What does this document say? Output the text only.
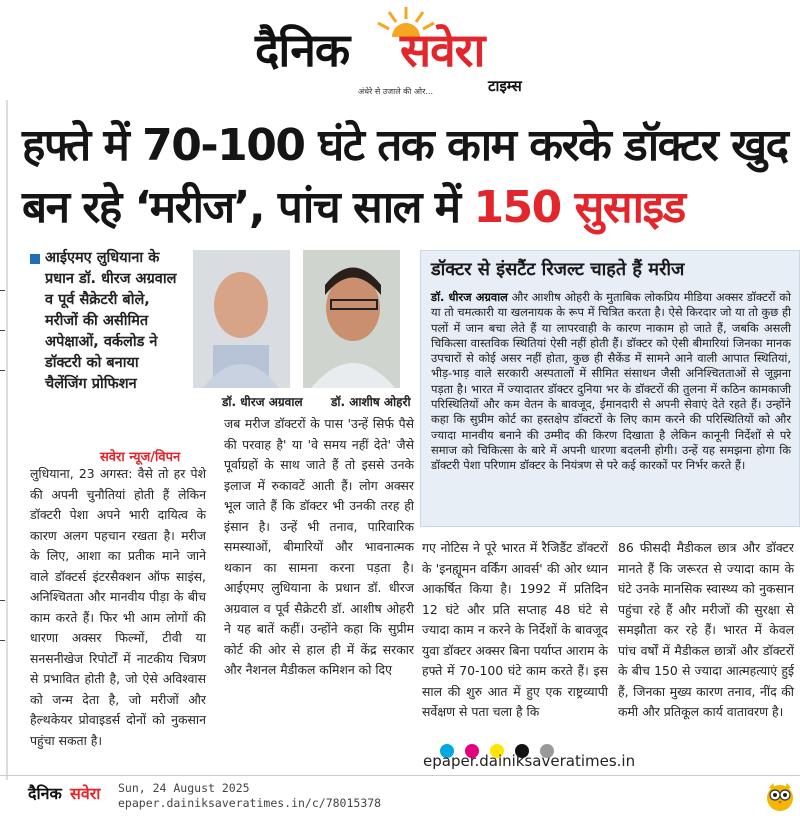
दैनिक सवेरा
अंधेरे से उजाले की ओर...	टाइम्स
हफ्ते में 70-100 घंटे तक काम करके डॉक्टर खुद
बन रहे ‘मरीज’, पांच साल में 150 सुसाइड
आईएमए लुधियाना के प्रधान डॉ. धीरज अग्रवाल व पूर्व सैक्रेटरी बोले, मरीजों की असीमित अपेक्षाओं, वर्कलोड ने डॉक्टरी को बनाया चैलेंजिंग प्रोफिशन
डॉ. धीरज अग्रवाल डॉ. आशीष ओहरी
सवेरा न्यूज/विपन
लुधियाना, 23 अगस्त: वैसे तो हर पेशे की अपनी चुनौतियां होती हैं लेकिन डॉक्टरी पेशा अपने भारी दायित्व के कारण अलग पहचान रखता है। मरीज के लिए, आशा का प्रतीक माने जाने वाले डॉक्टर्स इंटरसैक्शन ऑफ साइंस, अनिश्चितता और मानवीय पीड़ा के बीच काम करते हैं। फिर भी आम लोगों की धारणा अक्सर फिल्मों, टीवी या सनसनीखेज रिपोर्टों में नाटकीय चित्रण से प्रभावित होती है, जो ऐसे अविश्वास को जन्म देता है, जो मरीजों और हैल्थकेयर प्रोवाइडर्स दोनों को नुकसान पहुंचा सकता है।
जब मरीज डॉक्टरों के पास 'उन्हें सिर्फ पैसे की परवाह है' या 'वे समय नहीं देते' जैसे पूर्वाग्रहों के साथ जाते हैं तो इससे उनके इलाज में रुकावटें आती हैं। लोग अक्सर भूल जाते हैं कि डॉक्टर भी उनकी तरह ही इंसान है। उन्हें भी तनाव, पारिवारिक समस्याओं, बीमारियों और भावनात्मक थकान का सामना करना पड़ता है। आईएमए लुधियाना के प्रधान डॉ. धीरज अग्रवाल व पूर्व सैक्रेटरी डॉ. आशीष ओहरी ने यह बातें कहीं। उन्होंने कहा कि सुप्रीम कोर्ट की ओर से हाल ही में केंद्र सरकार और नैशनल मैडीकल कमिशन को दिए
गए नोटिस ने पूरे भारत में रैजिडैंट डॉक्टरों के 'इनह्यूमन वर्किंग आवर्स' की ओर ध्यान आकर्षित किया है। 1992 में प्रतिदिन 12 घंटे और प्रति सप्ताह 48 घंटे से ज्यादा काम न करने के निर्देशों के बावजूद युवा डॉक्टर अक्सर बिना पर्याप्त आराम के हफ्ते में 70-100 घंटे काम करते हैं। इस साल की शुरु आत में हुए एक राष्ट्रव्यापी सर्वेक्षण से पता चला है कि
86 फीसदी मैडीकल छात्र और डॉक्टर मानते हैं कि जरूरत से ज्यादा काम के घंटे उनके मानसिक स्वास्थ्य को नुकसान पहुंचा रहे हैं और मरीजों की सुरक्षा से समझौता कर रहे हैं। भारत में केवल पांच वर्षों में मैडीकल छात्रों और डॉक्टरों के बीच 150 से ज्यादा आत्महत्याएं हुई हैं, जिनका मुख्य कारण तनाव, नींद की कमी और प्रतिकूल कार्य वातावरण है।
डॉक्टर से इंसटैंट रिजल्ट चाहते हैं मरीज
डॉ. धीरज अग्रवाल और आशीष ओहरी के मुताबिक लोकप्रिय मीडिया अक्सर डॉक्टरों को या तो चमत्कारी या खलनायक के रूप में चित्रित करता है। ऐसे किरदार जो या तो कुछ ही पलों में जान बचा लेते हैं या लापरवाही के कारण नाकाम हो जाते हैं, जबकि असली चिकित्सा वास्तविक स्थितियां ऐसी नहीं होती हैं। डॉक्टर को ऐसी बीमारियां जिनका मानक उपचारों से कोई असर नहीं होता, कुछ ही सैकेंड में सामने आने वाली आपात स्थितियां, भीड़-भाड़ वाले सरकारी अस्पतालों में सीमित संसाधन जैसी अनिश्चितताओं से जूझना पड़ता है। भारत में ज्यादातर डॉक्टर दुनिया भर के डॉक्टरों की तुलना में कठिन कामकाजी परिस्थितियों और कम वेतन के बावजूद, ईमानदारी से अपनी सेवाएं देते रहते हैं। उन्होंने कहा कि सुप्रीम कोर्ट का हस्तक्षेप डॉक्टरों के लिए काम करने की परिस्थितियों को और ज्यादा मानवीय बनाने की उम्मीद की किरण दिखाता है लेकिन कानूनी निर्देशों से परे समाज को चिकित्सा के बारे में अपनी धारणा बदलनी होगी। उन्हें यह समझना होगा कि डॉक्टरी पेशा परिणाम डॉक्टर के नियंत्रण से परे कई कारकों पर निर्भर करते हैं।
epaper.dainiksaveratimes.in
दैनिक सवेरा Sun, 24 August 2025
epaper.dainiksaveratimes.in/c/78015378
